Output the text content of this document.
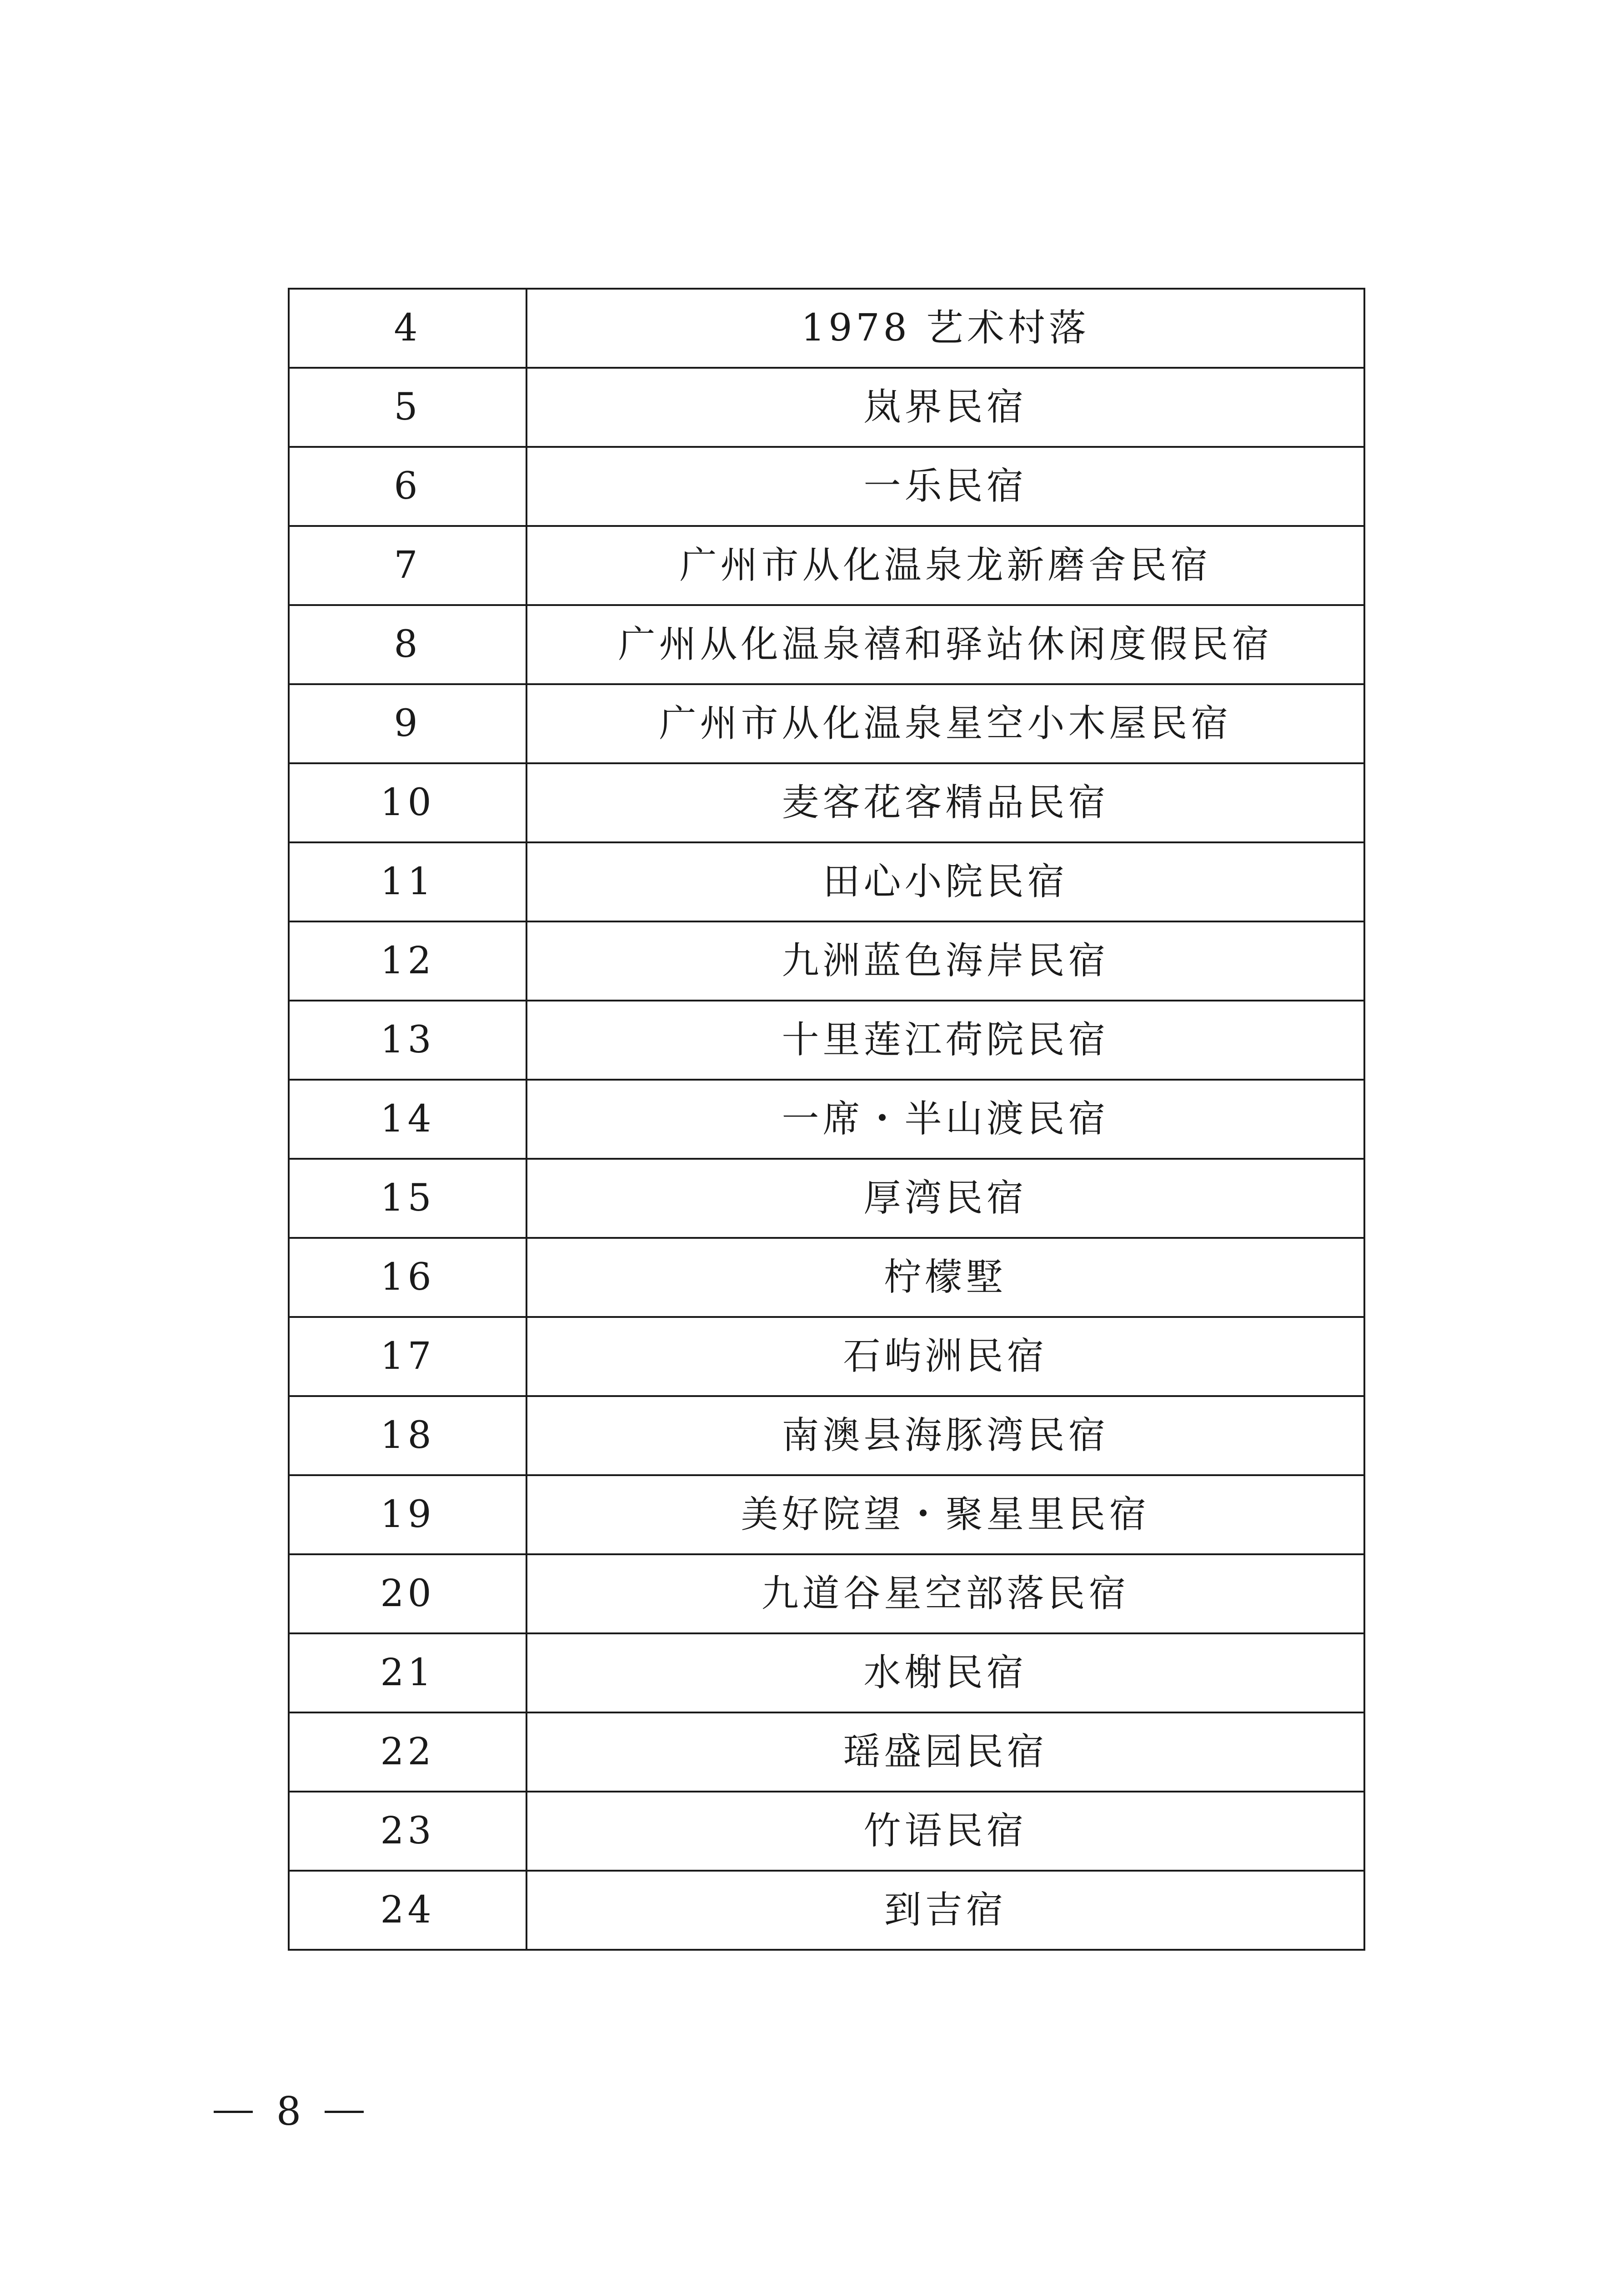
4	1978 艺术村落
5	岚界民宿
6	一乐民宿
7	广州市从化温泉龙新磨舍民宿
8	广州从化温泉禧和驿站休闲度假民宿
9	广州市从化温泉星空小木屋民宿
10	麦客花客精品民宿
11	田心小院民宿
12	九洲蓝色海岸民宿
13	十里莲江荷院民宿
14	一席・半山渡民宿
15	厚湾民宿
16	柠檬墅
17	石屿洲民宿
18	南澳县海豚湾民宿
19	美好院望・聚星里民宿
20	九道谷星空部落民宿
21	水榭民宿
22	瑶盛园民宿
23	竹语民宿
24	到吉宿
8
